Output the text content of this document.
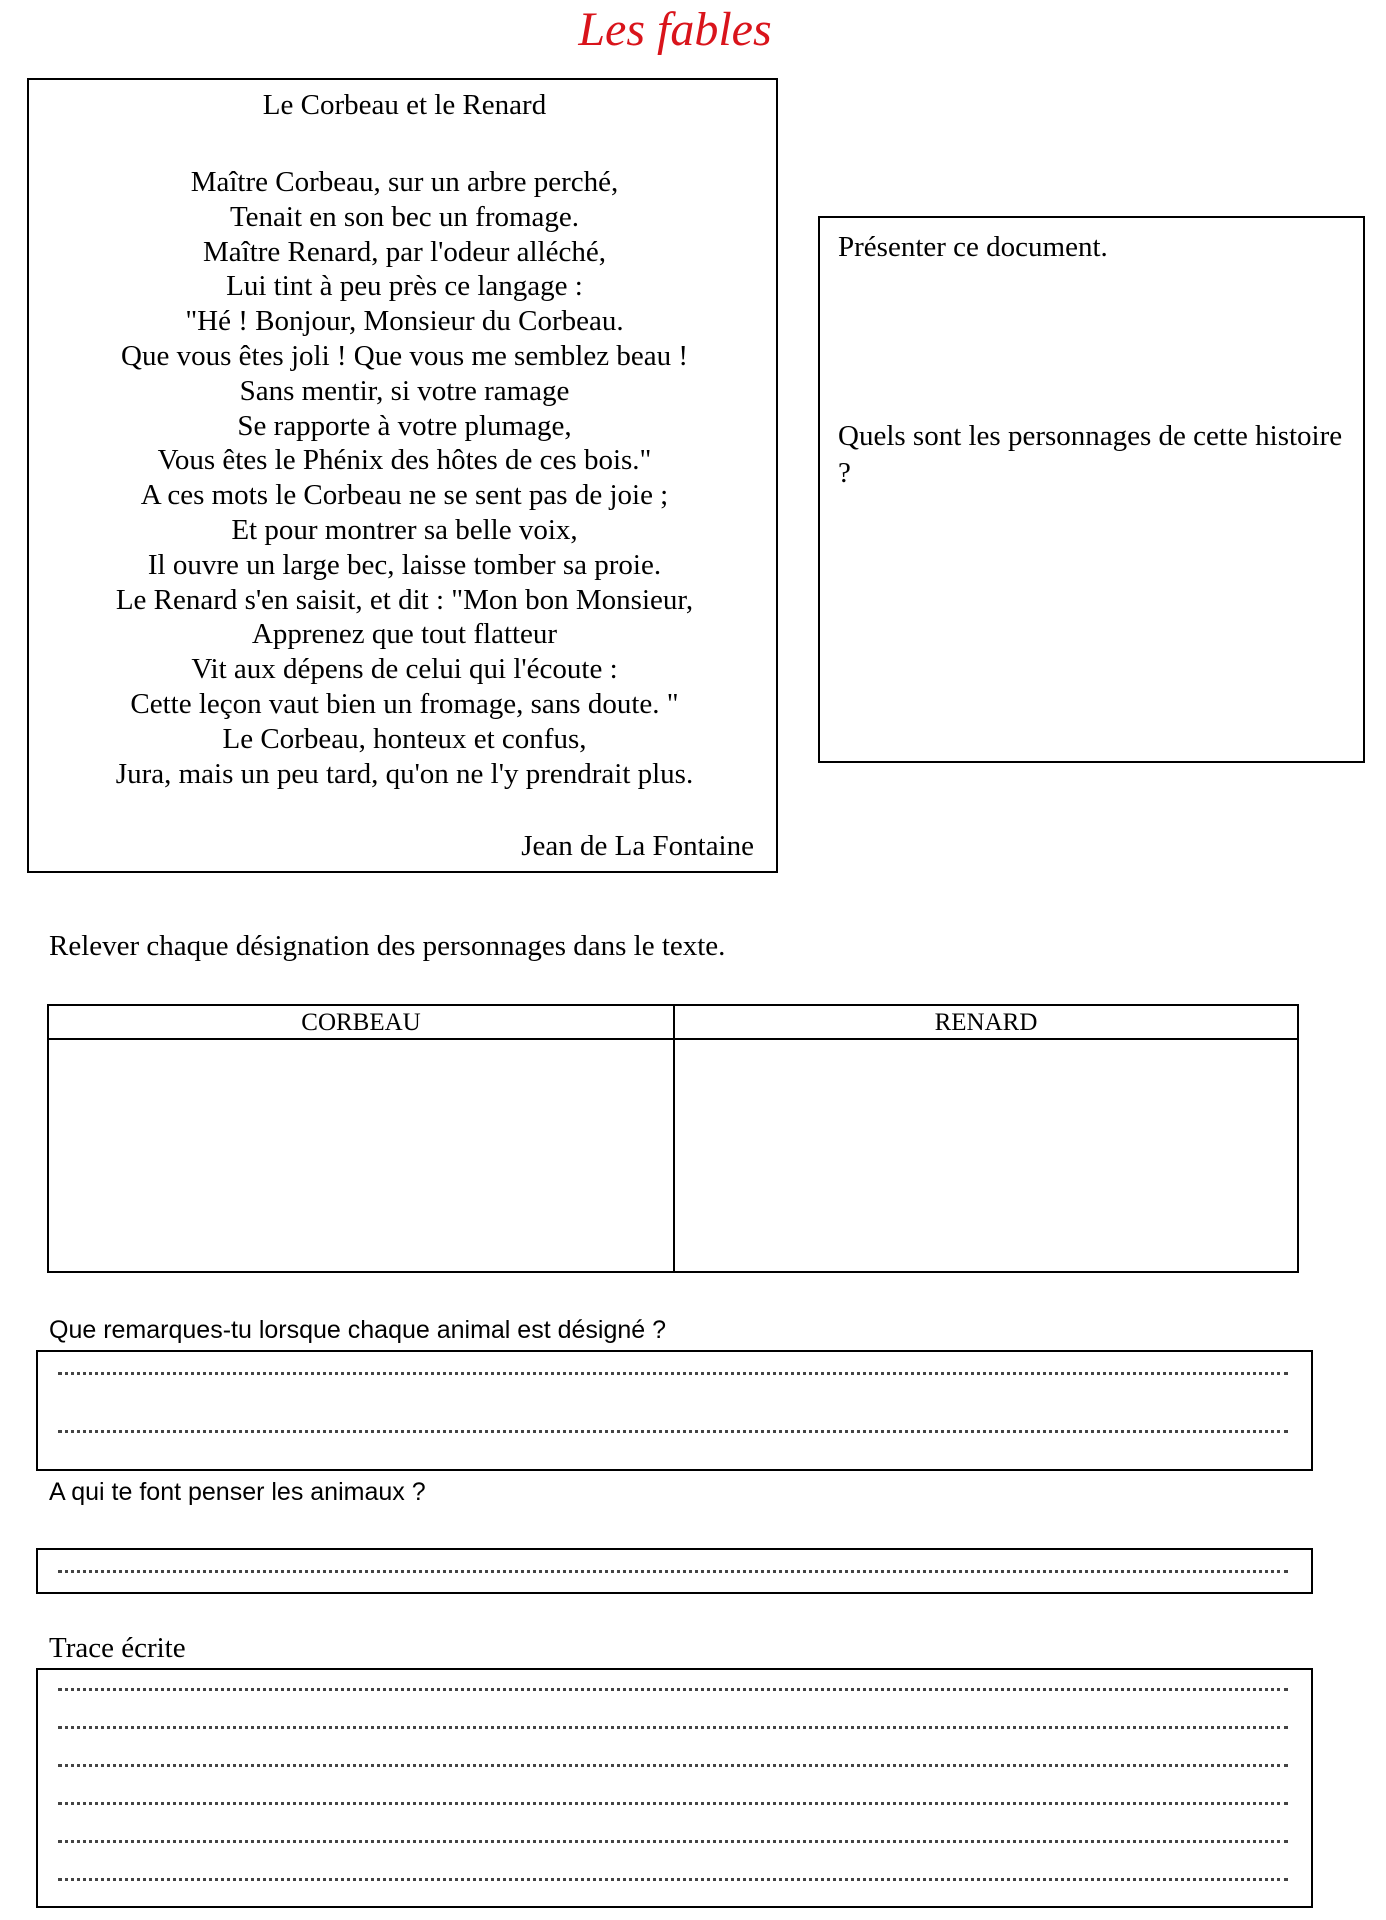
Les fables
Le Corbeau et le Renard
Maître Corbeau, sur un arbre perché,
Tenait en son bec un fromage.
Maître Renard, par l'odeur alléché,
Lui tint à peu près ce langage :
"Hé ! Bonjour, Monsieur du Corbeau.
Que vous êtes joli ! Que vous me semblez beau !
Sans mentir, si votre ramage
Se rapporte à votre plumage,
Vous êtes le Phénix des hôtes de ces bois."
A ces mots le Corbeau ne se sent pas de joie ;
Et pour montrer sa belle voix,
Il ouvre un large bec, laisse tomber sa proie.
Le Renard s'en saisit, et dit : "Mon bon Monsieur,
Apprenez que tout flatteur
Vit aux dépens de celui qui l'écoute :
Cette leçon vaut bien un fromage, sans doute. "
Le Corbeau, honteux et confus,
Jura, mais un peu tard, qu'on ne l'y prendrait plus.
Jean de La Fontaine
Présenter ce document.
Quels sont les personnages de cette histoire ?
Relever chaque désignation des personnages dans le texte.
CORBEAU	RENARD
Que remarques-tu lorsque chaque animal est désigné ?
A qui te font penser les animaux ?
Trace écrite
